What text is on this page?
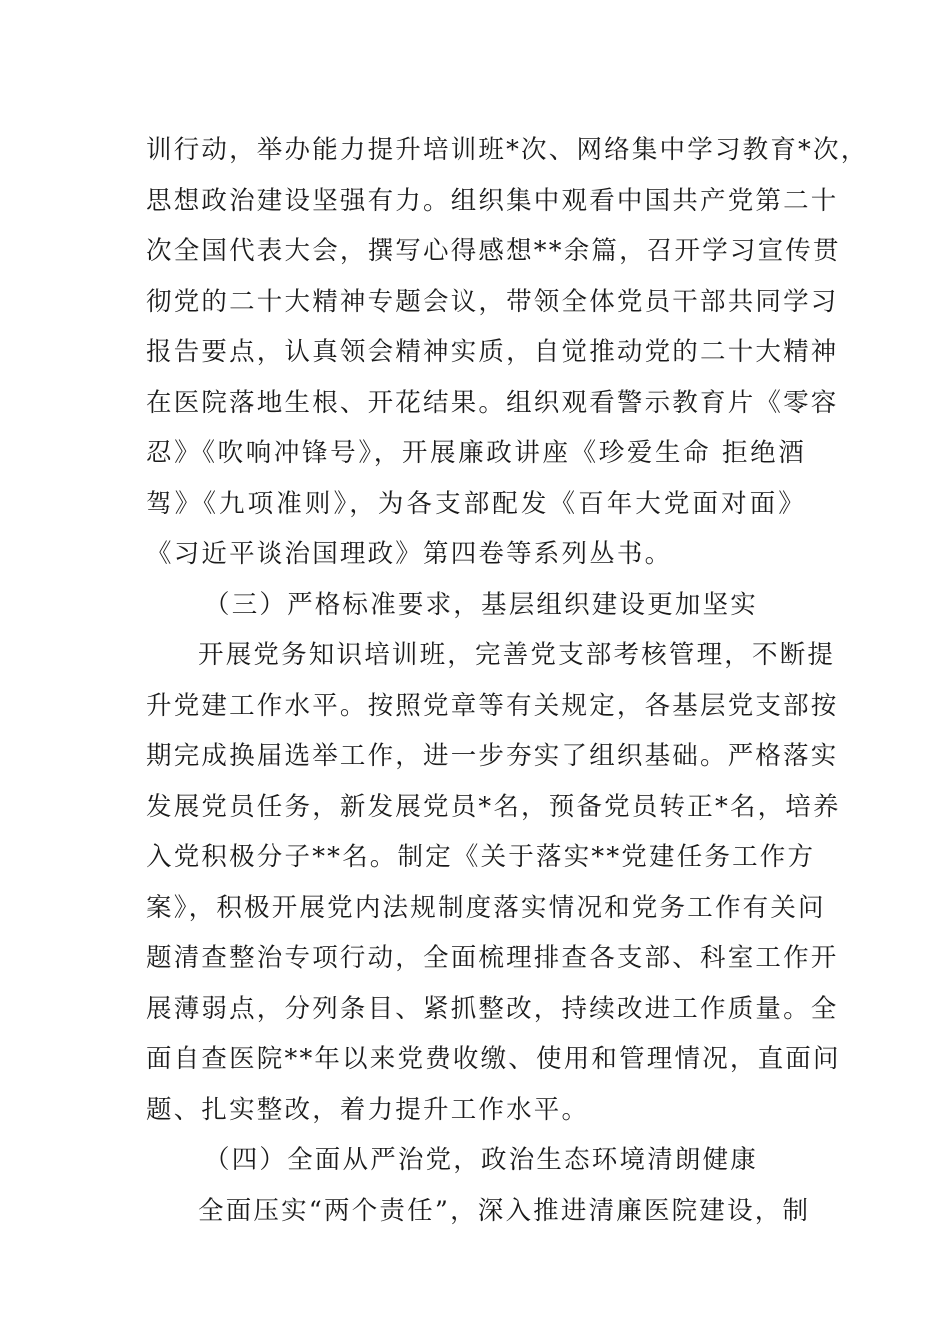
训行动，举办能力提升培训班*次、网络集中学习教育*次，
思想政治建设坚强有力。组织集中观看中国共产党第二十
次全国代表大会，撰写心得感想**余篇，召开学习宣传贯
彻党的二十大精神专题会议，带领全体党员干部共同学习
报告要点，认真领会精神实质，自觉推动党的二十大精神
在医院落地生根、开花结果。组织观看警示教育片《零容
忍》《吹响冲锋号》，开展廉政讲座《珍爱生命 拒绝酒
驾》《九项准则》，为各支部配发《百年大党面对面》
《习近平谈治国理政》第四卷等系列丛书。
（三）严格标准要求，基层组织建设更加坚实
开展党务知识培训班，完善党支部考核管理，不断提
升党建工作水平。按照党章等有关规定，各基层党支部按
期完成换届选举工作，进一步夯实了组织基础。严格落实
发展党员任务，新发展党员*名，预备党员转正*名，培养
入党积极分子**名。制定《关于落实**党建任务工作方
案》，积极开展党内法规制度落实情况和党务工作有关问
题清查整治专项行动，全面梳理排查各支部、科室工作开
展薄弱点，分列条目、紧抓整改，持续改进工作质量。全
面自查医院**年以来党费收缴、使用和管理情况，直面问
题、扎实整改，着力提升工作水平。
（四）全面从严治党，政治生态环境清朗健康
全面压实“两个责任”，深入推进清廉医院建设，制
